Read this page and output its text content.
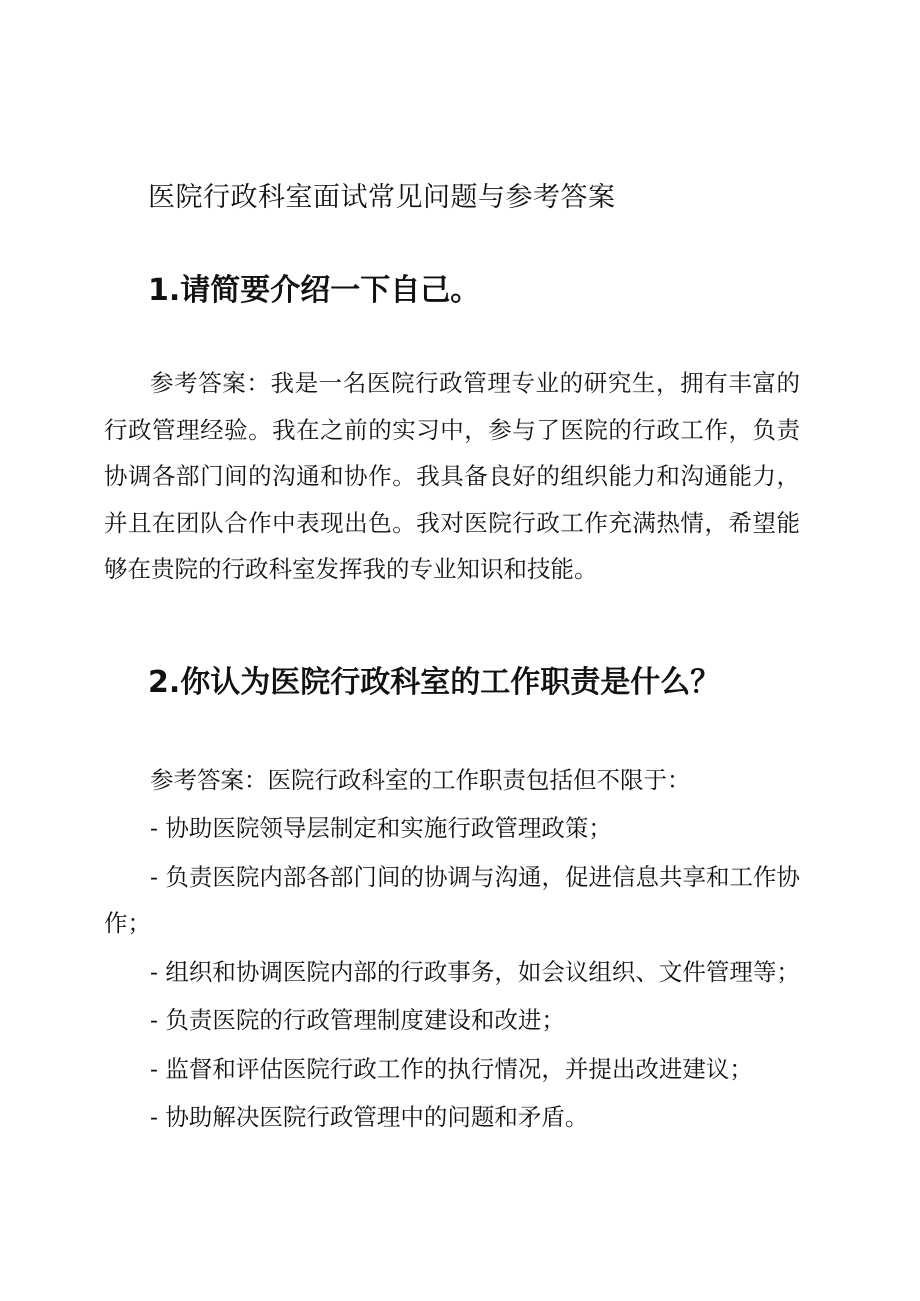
医院行政科室面试常见问题与参考答案
1.请简要介绍一下自己。

参考答案：我是一名医院行政管理专业的研究生，拥有丰富的行政管理经验。我在之前的实习中，参与了医院的行政工作，负责协调各部门间的沟通和协作。我具备良好的组织能力和沟通能力，并且在团队合作中表现出色。我对医院行政工作充满热情，希望能够在贵院的行政科室发挥我的专业知识和技能。

2.你认为医院行政科室的工作职责是什么？

参考答案：医院行政科室的工作职责包括但不限于：

- 协助医院领导层制定和实施行政管理政策；
- 负责医院内部各部门间的协调与沟通，促进信息共享和工作协作；
- 组织和协调医院内部的行政事务，如会议组织、文件管理等；
- 负责医院的行政管理制度建设和改进；
- 监督和评估医院行政工作的执行情况，并提出改进建议；
- 协助解决医院行政管理中的问题和矛盾。
